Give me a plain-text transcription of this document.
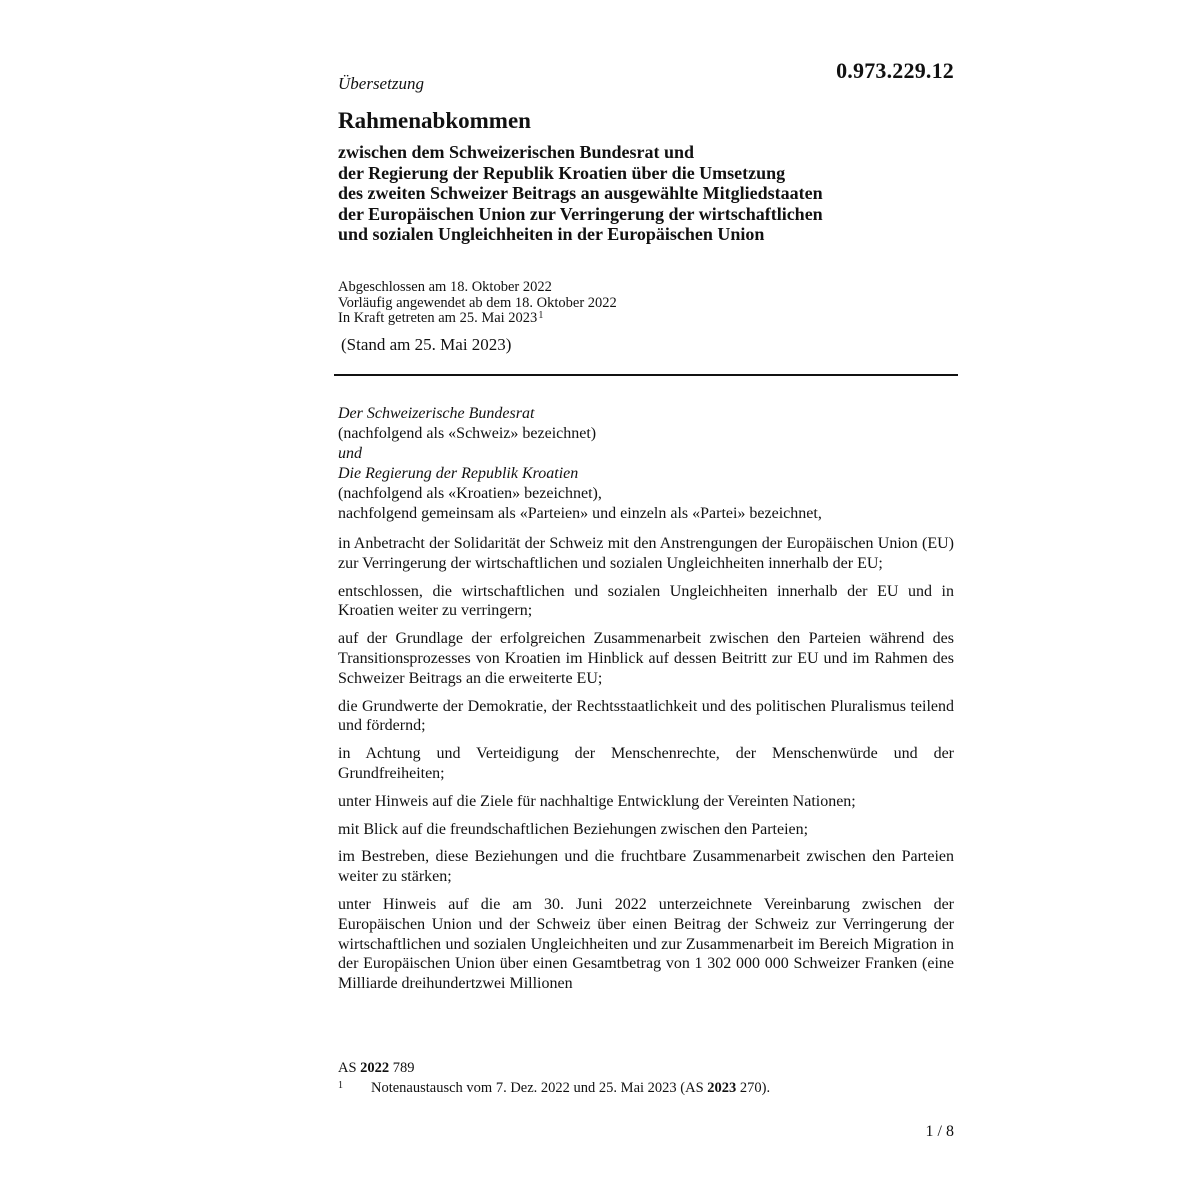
0.973.229.12
Übersetzung
Rahmenabkommen
zwischen dem Schweizerischen Bundesrat und
der Regierung der Republik Kroatien über die Umsetzung
des zweiten Schweizer Beitrags an ausgewählte Mitgliedstaaten
der Europäischen Union zur Verringerung der wirtschaftlichen
und sozialen Ungleichheiten in der Europäischen Union
Abgeschlossen am 18. Oktober 2022
Vorläufig angewendet ab dem 18. Oktober 2022
In Kraft getreten am 25. Mai 2023$^1$
(Stand am 25. Mai 2023)
Der Schweizerische Bundesrat
(nachfolgend als «Schweiz» bezeichnet)
und
Die Regierung der Republik Kroatien
(nachfolgend als «Kroatien» bezeichnet),
nachfolgend gemeinsam als «Parteien» und einzeln als «Partei» bezeichnet,

in Anbetracht der Solidarität der Schweiz mit den Anstrengungen der Europäischen Union (EU) zur Verringerung der wirtschaftlichen und sozialen Ungleichheiten innerhalb der EU;

entschlossen, die wirtschaftlichen und sozialen Ungleichheiten innerhalb der EU und in Kroatien weiter zu verringern;

auf der Grundlage der erfolgreichen Zusammenarbeit zwischen den Parteien während des Transitionsprozesses von Kroatien im Hinblick auf dessen Beitritt zur EU und im Rahmen des Schweizer Beitrags an die erweiterte EU;

die Grundwerte der Demokratie, der Rechtsstaatlichkeit und des politischen Pluralismus teilend und fördernd;

in Achtung und Verteidigung der Menschenrechte, der Menschenwürde und der Grundfreiheiten;

unter Hinweis auf die Ziele für nachhaltige Entwicklung der Vereinten Nationen;

mit Blick auf die freundschaftlichen Beziehungen zwischen den Parteien;

im Bestreben, diese Beziehungen und die fruchtbare Zusammenarbeit zwischen den Parteien weiter zu stärken;

unter Hinweis auf die am 30. Juni 2022 unterzeichnete Vereinbarung zwischen der Europäischen Union und der Schweiz über einen Beitrag der Schweiz zur Verringerung der wirtschaftlichen und sozialen Ungleichheiten und zur Zusammenarbeit im Bereich Migration in der Europäischen Union über einen Gesamtbetrag von 1 302 000 000 Schweizer Franken (eine Milliarde dreihundertzwei Millionen

AS 2022 789
1 Notenaustausch vom 7. Dez. 2022 und 25. Mai 2023 (AS 2023 270).
1 / 8
